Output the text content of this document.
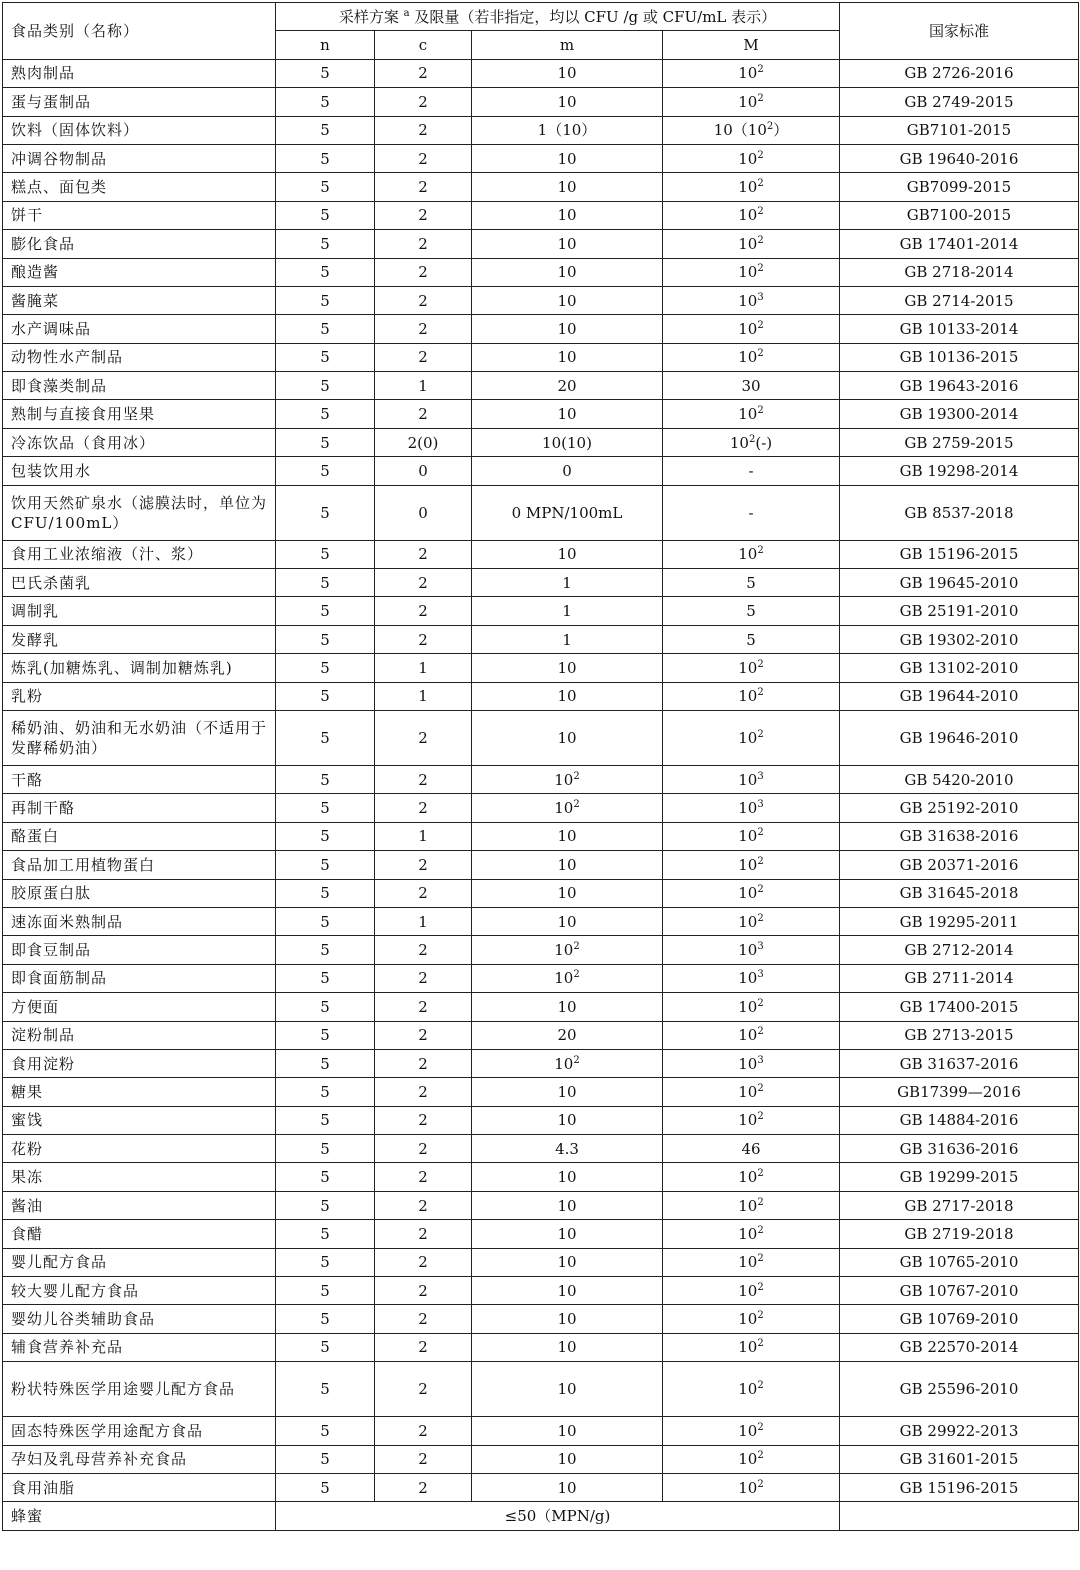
食品类别（名称）	采样方案 $^a$ 及限量（若非指定，均以 CFU /g 或 CFU/mL 表示）				国家标准
	n	c	m	M	
熟肉制品	5	2	10	$10^2$	GB 2726-2016
蛋与蛋制品	5	2	10	$10^2$	GB 2749-2015
饮料（固体饮料）	5	2	1（10）	$10(10^2)$	GB7101-2015
冲调谷物制品	5	2	10	$10^2$	GB 19640-2016
糕点、面包类	5	2	10	$10^2$	GB7099-2015
饼干	5	2	10	$10^2$	GB7100-2015
膨化食品	5	2	10	$10^2$	GB 17401-2014
酿造酱	5	2	10	$10^2$	GB 2718-2014
酱腌菜	5	2	10	$10^3$	GB 2714-2015
水产调味品	5	2	10	$10^2$	GB 10133-2014
动物性水产制品	5	2	10	$10^2$	GB 10136-2015
即食藻类制品	5	1	20	30	GB 19643-2016
熟制与直接食用坚果	5	2	10	$10^2$	GB 19300-2014
冷冻饮品（食用冰）	5	2(0)	10(10)	$10^2(-)$	GB 2759-2015
包装饮用水	5	0	0	-	GB 19298-2014
饮用天然矿泉水（滤膜法时，单位为 CFU/100mL）	5	0	0 MPN/100mL	-	GB 8537-2018
食用工业浓缩液（汁、浆）	5	2	10	$10^2$	GB 15196-2015
巴氏杀菌乳	5	2	1	5	GB 19645-2010
调制乳	5	2	1	5	GB 25191-2010
发酵乳	5	2	1	5	GB 19302-2010
炼乳(加糖炼乳、调制加糖炼乳)	5	1	10	$10^2$	GB 13102-2010
乳粉	5	1	10	$10^2$	GB 19644-2010
稀奶油、奶油和无水奶油（不适用于发酵稀奶油）	5	2	10	$10^2$	GB 19646-2010
干酪	5	2	$10^2$	$10^3$	GB 5420-2010
再制干酪	5	2	$10^2$	$10^3$	GB 25192-2010
酪蛋白	5	1	10	$10^2$	GB 31638-2016
食品加工用植物蛋白	5	2	10	$10^2$	GB 20371-2016
胶原蛋白肽	5	2	10	$10^2$	GB 31645-2018
速冻面米熟制品	5	1	10	$10^2$	GB 19295-2011
即食豆制品	5	2	$10^2$	$10^3$	GB 2712-2014
即食面筋制品	5	2	$10^2$	$10^3$	GB 2711-2014
方便面	5	2	10	$10^2$	GB 17400-2015
淀粉制品	5	2	20	$10^2$	GB 2713-2015
食用淀粉	5	2	$10^2$	$10^3$	GB 31637-2016
糖果	5	2	10	$10^2$	GB17399—2016
蜜饯	5	2	10	$10^2$	GB 14884-2016
花粉	5	2	4.3	46	GB 31636-2016
果冻	5	2	10	$10^2$	GB 19299-2015
酱油	5	2	10	$10^2$	GB 2717-2018
食醋	5	2	10	$10^2$	GB 2719-2018
婴儿配方食品	5	2	10	$10^2$	GB 10765-2010
较大婴儿配方食品	5	2	10	$10^2$	GB 10767-2010
婴幼儿谷类辅助食品	5	2	10	$10^2$	GB 10769-2010
辅食营养补充品	5	2	10	$10^2$	GB 22570-2014
粉状特殊医学用途婴儿配方食品	5	2	10	$10^2$	GB 25596-2010
固态特殊医学用途配方食品	5	2	10	$10^2$	GB 29922-2013
孕妇及乳母营养补充食品	5	2	10	$10^2$	GB 31601-2015
食用油脂	5	2	10	$10^2$	GB 15196-2015
蜂蜜	≤50（MPN/g)				
